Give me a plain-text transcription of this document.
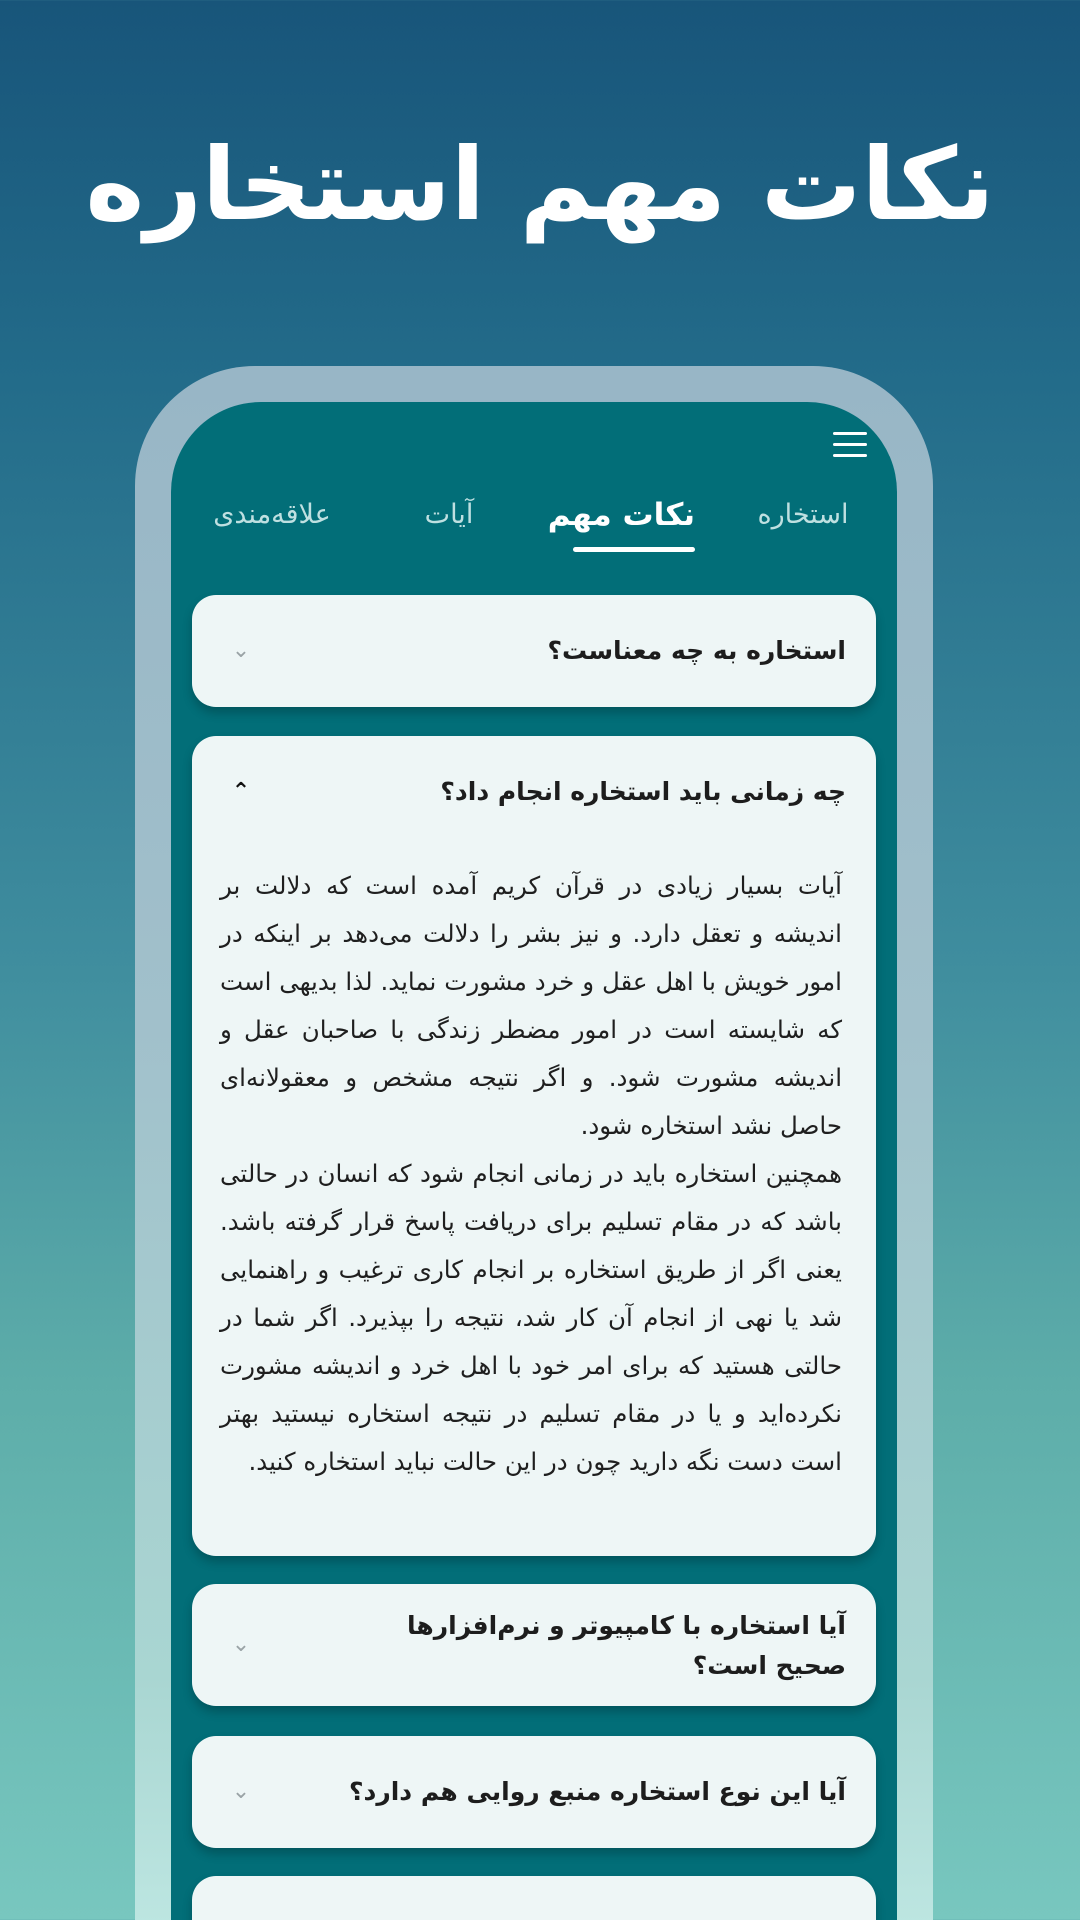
نکات مهم استخاره
استخاره
نکات مهم
آیات
علاقه‌مندی
استخاره به چه معناست؟
⌄
چه زمانی باید استخاره انجام داد؟
⌃

آیات بسیار زیادی در قرآن کریم آمده است که دلالت بر اندیشه و تعقل دارد. و نیز بشر را دلالت می‌دهد بر اینکه در امور خویش با اهل عقل و خرد مشورت نماید. لذا بدیهی است که شایسته است در امور مضطر زندگی با صاحبان عقل و اندیشه مشورت شود. و اگر نتیجه مشخص و معقولانه‌ای حاصل نشد استخاره شود.

همچنین استخاره باید در زمانی انجام شود که انسان در حالتی باشد که در مقام تسلیم برای دریافت پاسخ قرار گرفته باشد. یعنی اگر از طریق استخاره بر انجام کاری ترغیب و راهنمایی شد یا نهی از انجام آن کار شد، نتیجه را بپذیرد. اگر شما در حالتی هستید که برای امر خود با اهل خرد و اندیشه مشورت نکرده‌اید و یا در مقام تسلیم در نتیجه استخاره نیستید بهتر است دست نگه دارید چون در این حالت نباید استخاره کنید.

آیا استخاره با کامپیوتر و نرم‌افزارها صحیح است؟
⌄
آیا این نوع استخاره منبع روایی هم دارد؟
⌄
